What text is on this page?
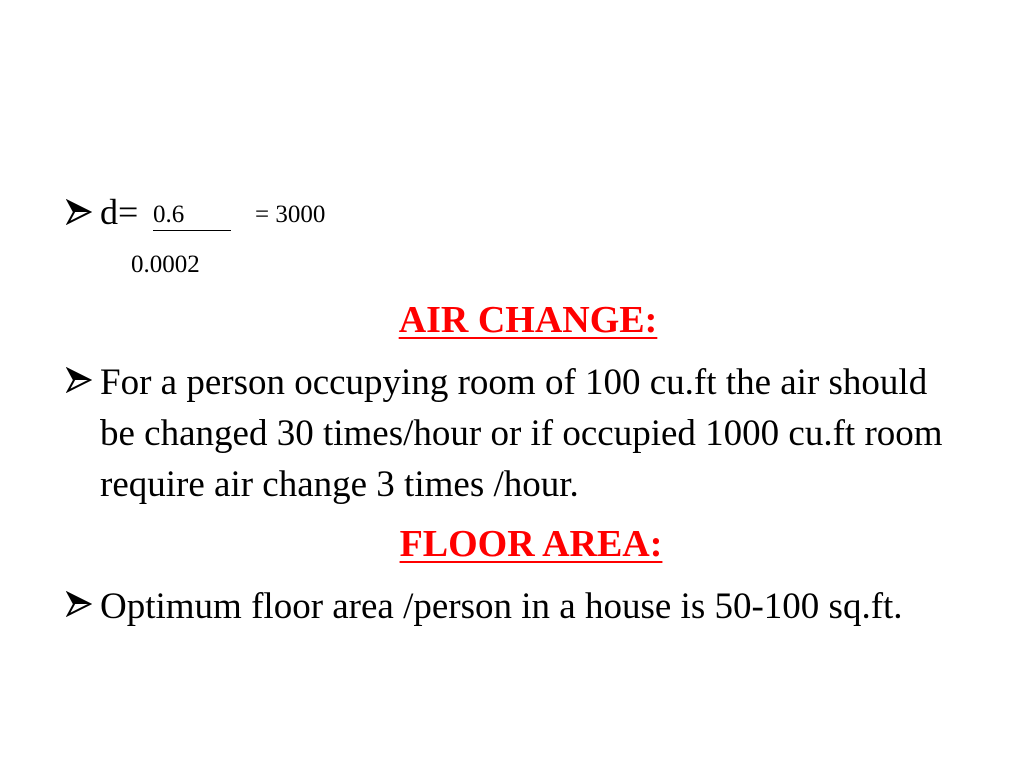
d= 0.6	= 3000
0.0002
AIR CHANGE:
For a person occupying room of 100 cu.ft the air should be changed 30 times/hour or if occupied 1000 cu.ft room require air change 3 times /hour.
FLOOR AREA:
Optimum floor area /person in a house is 50-100 sq.ft.
